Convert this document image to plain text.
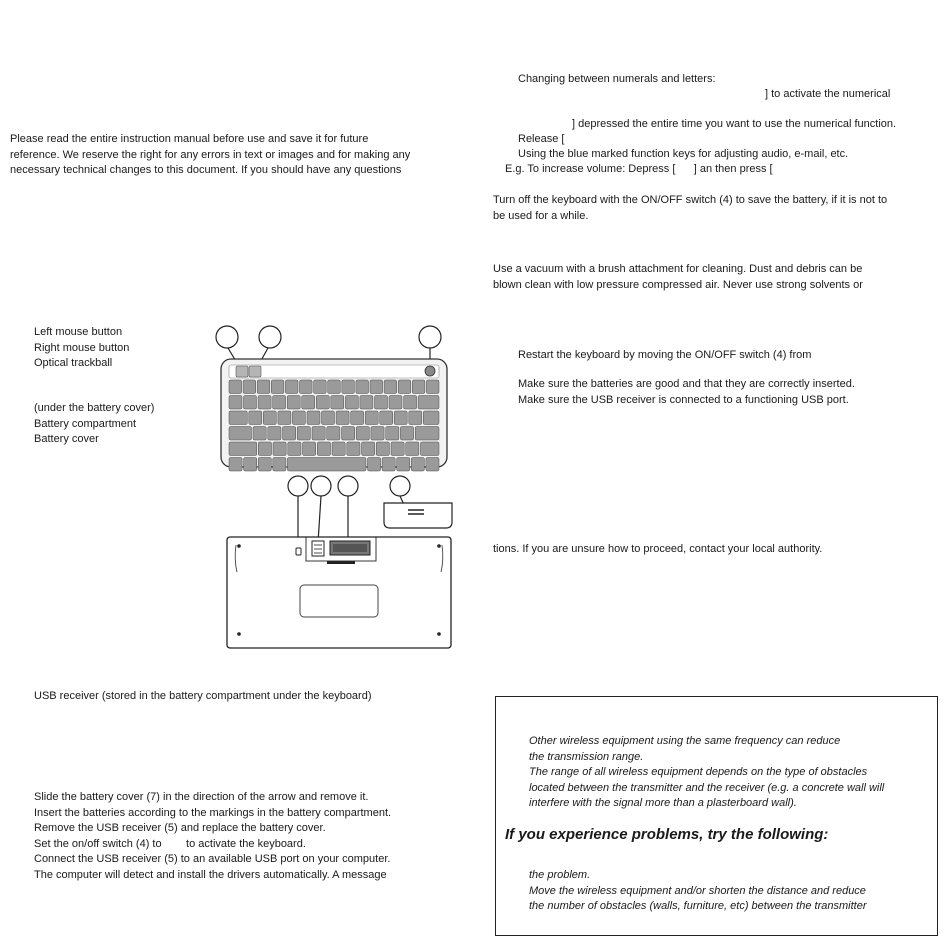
Please read the entire instruction manual before use and save it for future
reference. We reserve the right for any errors in text or images and for making any
necessary technical changes to this document. If you should have any questions
Left mouse button
Right mouse button
Optical trackball
(under the battery cover)
Battery compartment
Battery cover
USB receiver (stored in the battery compartment under the keyboard)
Slide the battery cover (7) in the direction of the arrow and remove it.
Insert the batteries according to the markings in the battery compartment.
Remove the USB receiver (5) and replace the battery cover.
Set the on/off switch (4) to        to activate the keyboard.
Connect the USB receiver (5) to an available USB port on your computer.
The computer will detect and install the drivers automatically. A message
Changing between numerals and letters:
] to activate the numerical
] depressed the entire time you want to use the numerical function.
Release [
Using the blue marked function keys for adjusting audio, e-mail, etc.
E.g. To increase volume: Depress [      ] an then press [
Turn off the keyboard with the ON/OFF switch (4) to save the battery, if it is not to
be used for a while.
Use a vacuum with a brush attachment for cleaning. Dust and debris can be
blown clean with low pressure compressed air. Never use strong solvents or
Restart the keyboard by moving the ON/OFF switch (4) from
Make sure the batteries are good and that they are correctly inserted.
Make sure the USB receiver is connected to a functioning USB port.
tions. If you are unsure how to proceed, contact your local authority.
Other wireless equipment using the same frequency can reduce
the transmission range.
The range of all wireless equipment depends on the type of obstacles
located between the transmitter and the receiver (e.g. a concrete wall will
interfere with the signal more than a plasterboard wall).
If you experience problems, try the following:
the problem.
Move the wireless equipment and/or shorten the distance and reduce
the number of obstacles (walls, furniture, etc) between the transmitter
